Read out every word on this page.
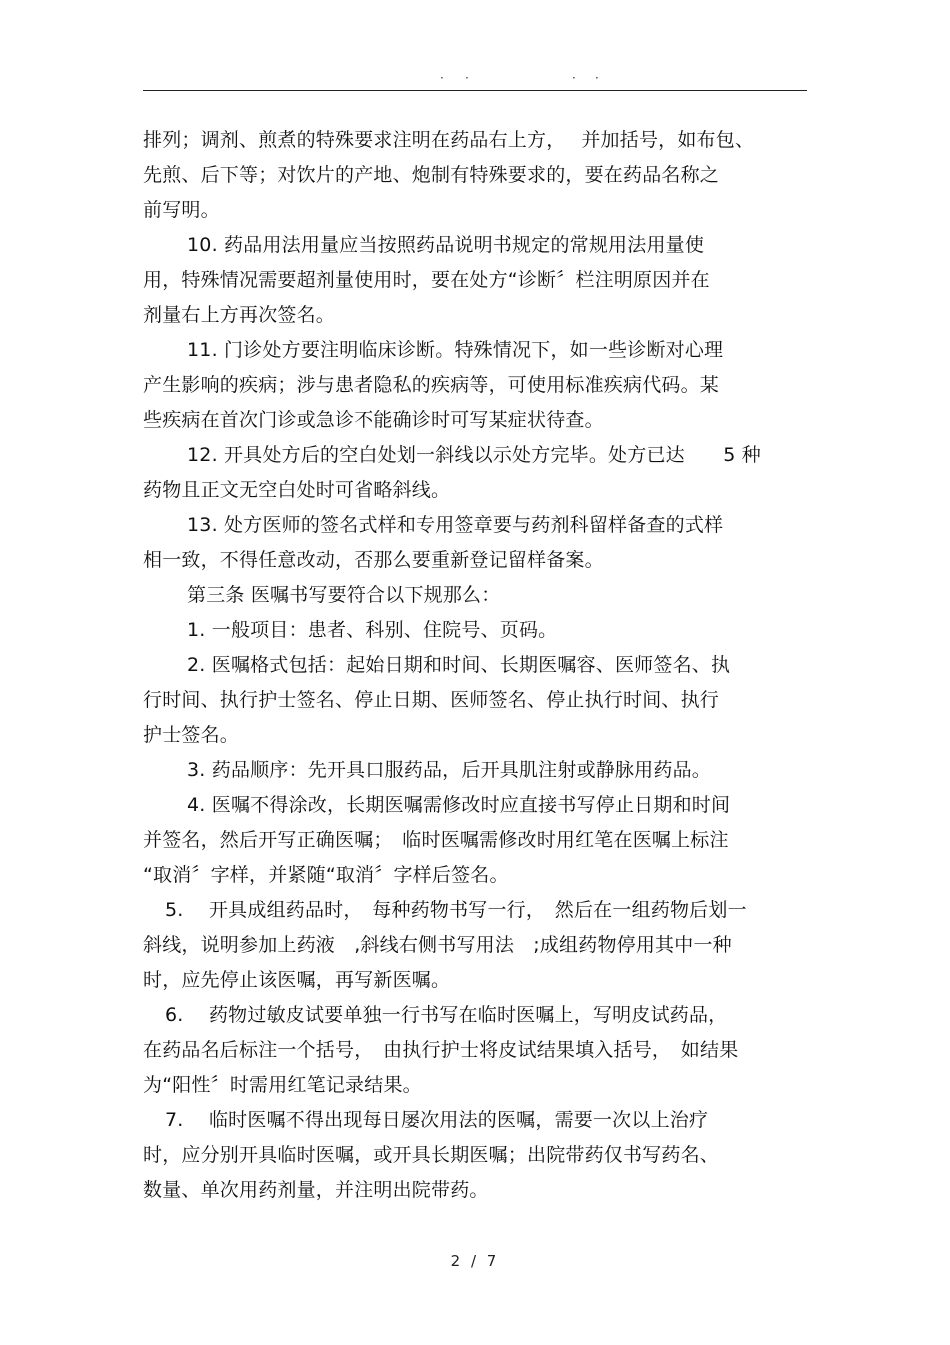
· ·	· ·
排列；调剂、煎煮的特殊要求注明在药品右上方，　 并加括号，如布包、
先煎、后下等；对饮片的产地、炮制有特殊要求的，要在药品名称之
前写明。
10. 药品用法用量应当按照药品说明书规定的常规用法用量使
用，特殊情况需要超剂量使用时，要在处方“诊断〞栏注明原因并在
剂量右上方再次签名。
11. 门诊处方要注明临床诊断。特殊情况下，如一些诊断对心理
产生影响的疾病；涉与患者隐私的疾病等，可使用标准疾病代码。某
些疾病在首次门诊或急诊不能确诊时可写某症状待查。
12. 开具处方后的空白处划一斜线以示处方完毕。处方已达　　5 种
药物且正文无空白处时可省略斜线。
13. 处方医师的签名式样和专用签章要与药剂科留样备查的式样
相一致，不得任意改动，否那么要重新登记留样备案。
第三条 医嘱书写要符合以下规那么：
1. 一般项目：患者、科别、住院号、页码。
2. 医嘱格式包括：起始日期和时间、长期医嘱容、医师签名、执
行时间、执行护士签名、停止日期、医师签名、停止执行时间、执行
护士签名。
3. 药品顺序：先开具口服药品，后开具肌注射或静脉用药品。
4. 医嘱不得涂改，长期医嘱需修改时应直接书写停止日期和时间
并签名，然后开写正确医嘱；　临时医嘱需修改时用红笔在医嘱上标注
“取消〞字样，并紧随“取消〞字样后签名。
5.　 开具成组药品时，　每种药物书写一行，　然后在一组药物后划一
斜线，说明参加上药液　,斜线右侧书写用法　;成组药物停用其中一种
时，应先停止该医嘱，再写新医嘱。
6.　 药物过敏皮试要单独一行书写在临时医嘱上，写明皮试药品，
在药品名后标注一个括号，　由执行护士将皮试结果填入括号，　如结果
为“阳性〞时需用红笔记录结果。
7.　 临时医嘱不得出现每日屡次用法的医嘱，需要一次以上治疗
时，应分别开具临时医嘱，或开具长期医嘱；出院带药仅书写药名、
数量、单次用药剂量，并注明出院带药。
2 / 7
